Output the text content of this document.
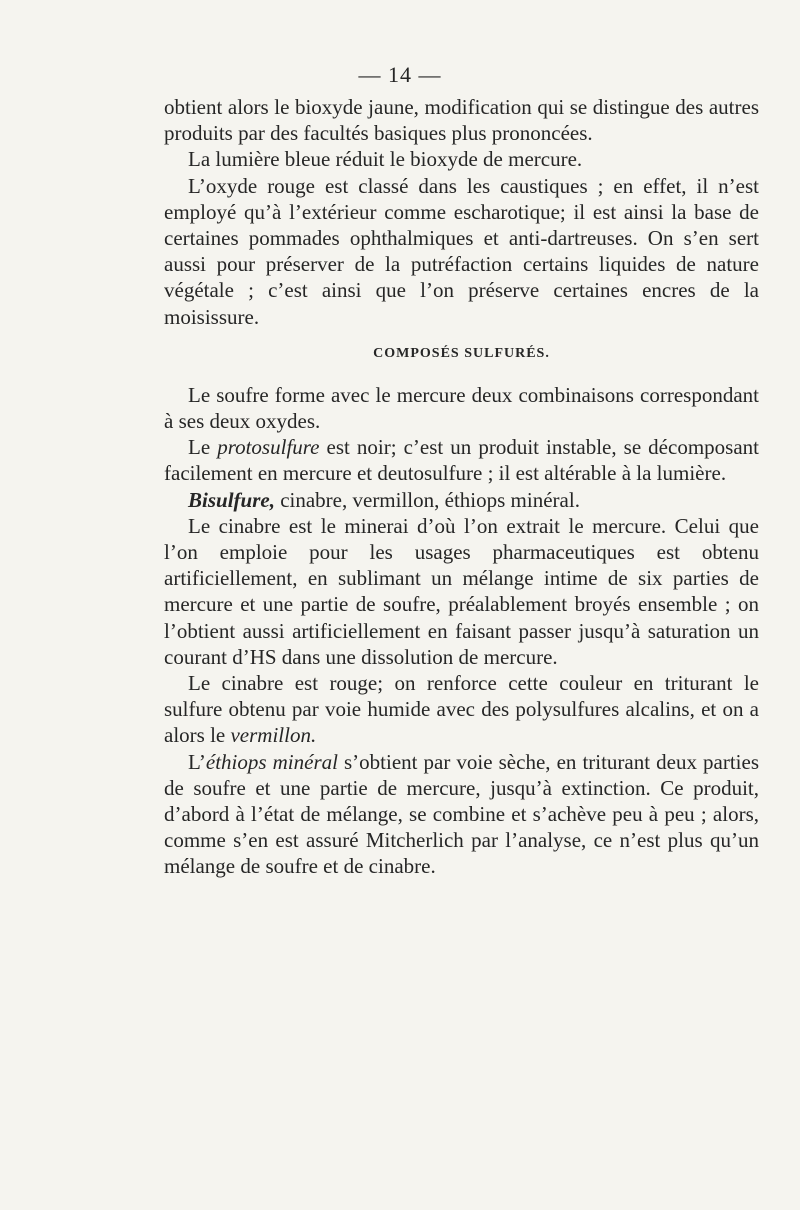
— 14 —

obtient alors le bioxyde jaune, modification qui se distingue des autres produits par des facultés basiques plus prononcées.

La lumière bleue réduit le bioxyde de mercure.

L’oxyde rouge est classé dans les caustiques ; en effet, il n’est employé qu’à l’extérieur comme escharotique; il est ainsi la base de certaines pommades ophthalmiques et anti-dartreuses. On s’en sert aussi pour préserver de la putréfaction certains liquides de nature végétale ; c’est ainsi que l’on préserve certaines encres de la moisissure.

COMPOSÉS SULFURÉS.

Le soufre forme avec le mercure deux combinaisons correspondant à ses deux oxydes.

Le protosulfure est noir; c’est un produit instable, se décomposant facilement en mercure et deutosulfure ; il est altérable à la lumière.

Bisulfure, cinabre, vermillon, éthiops minéral.

Le cinabre est le minerai d’où l’on extrait le mercure. Celui que l’on emploie pour les usages pharmaceutiques est obtenu artificiellement, en sublimant un mélange intime de six parties de mercure et une partie de soufre, préalablement broyés ensemble ; on l’obtient aussi artificiellement en faisant passer jusqu’à saturation un courant d’HS dans une dissolution de mercure.

Le cinabre est rouge; on renforce cette couleur en triturant le sulfure obtenu par voie humide avec des polysulfures alcalins, et on a alors le vermillon.

L’éthiops minéral s’obtient par voie sèche, en triturant deux parties de soufre et une partie de mercure, jusqu’à extinction. Ce produit, d’abord à l’état de mélange, se combine et s’achève peu à peu ; alors, comme s’en est assuré Mitcherlich par l’analyse, ce n’est plus qu’un mélange de soufre et de cinabre.
